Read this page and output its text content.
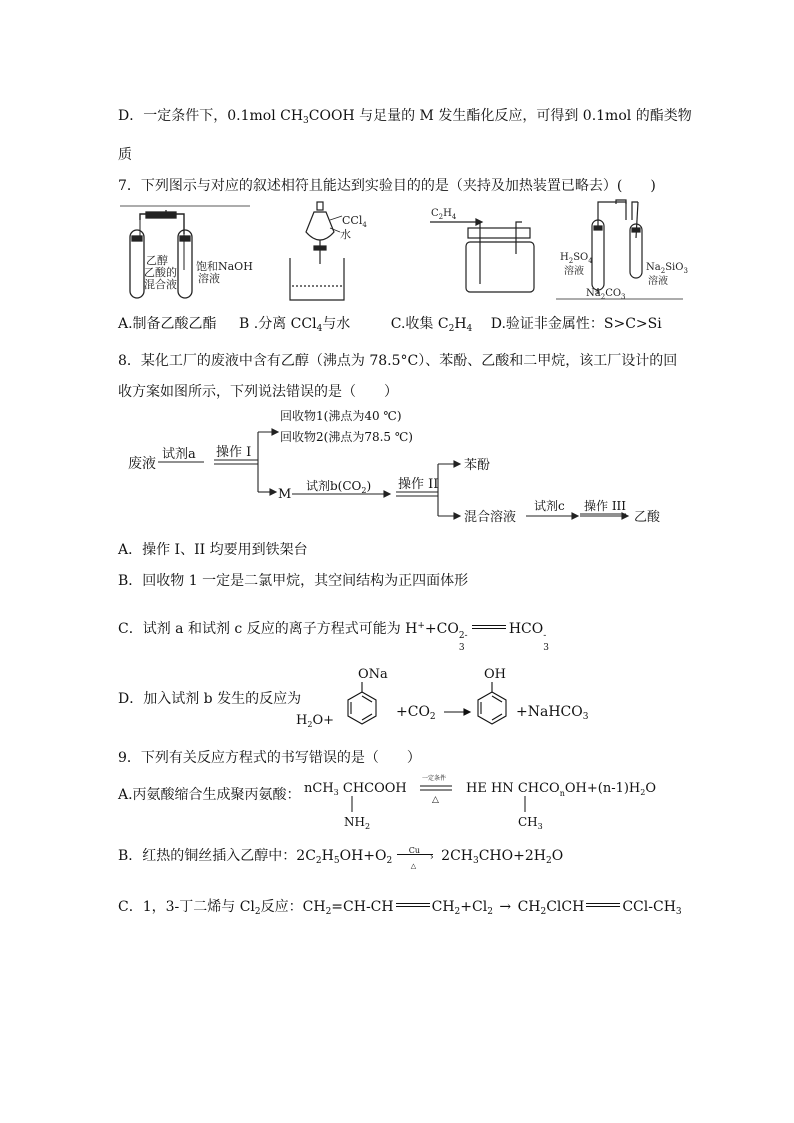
D．一定条件下，0.1mol $CH_3COOH$ 与足量的 M 发生酯化反应，可得到 0.1mol 的酯类物
质
7．下列图示与对应的叙述相符且能达到实验目的的是（夹持及加热装置已略去）(　　)
乙醇
乙酸的
混合液
饱和NaOH
溶液
CCl$_4$
水
$C_2H_4$
$H_2SO_4$
溶液
$Na_2CO_3$
$Na_2SiO_3$
溶液
A.制备乙酸乙酯 B .分离 CCl$_4$与水	C.收集 $C_2H_4$ D.验证非金属性：S>C>Si
8．某化工厂的废液中含有乙醇（沸点为 78.5°C）、苯酚、乙酸和二甲烷，该工厂设计的回
收方案如图所示，下列说法错误的是（　　）
废液
试剂a 操作 I
回收物1(沸点为40 ℃)
回收物2(沸点为78.5 ℃)
M
试剂$b(CO_2)$ 操作 II
苯酚
混合溶液
试剂c 操作 III
乙酸
A．操作 I、II 均要用到铁架台
B．回收物 1 一定是二氯甲烷，其空间结构为正四面体形
C．试剂 a 和试剂 c 反应的离子方程式可能为 H++CO 2-
3
HCO -
3
D．加入试剂 b 发生的反应为
$H_2O+$
ONa
$+CO_2$
OH
+NaHCO$_3$
9．下列有关反应方程式的书写错误的是（　　）
A.丙氨酸缩合生成聚丙氨酸： nCH$_3$ CHCOOH
$NH_2$
一定条件
△
HE HN $CHCO_nOH+(n-1)H_2O$
$CH_3$
B．红热的铜丝插入乙醇中：$2C_2H_5OH+O_2$
Cu
›
△
$2CH_3CHO+2H_2O$
C．1，3-丁二烯与 $Cl_2$反应：$CH_2=CH-CH$	$CH_2+Cl_2$ → $CH_2ClCH$	CCl-$CH_3$
